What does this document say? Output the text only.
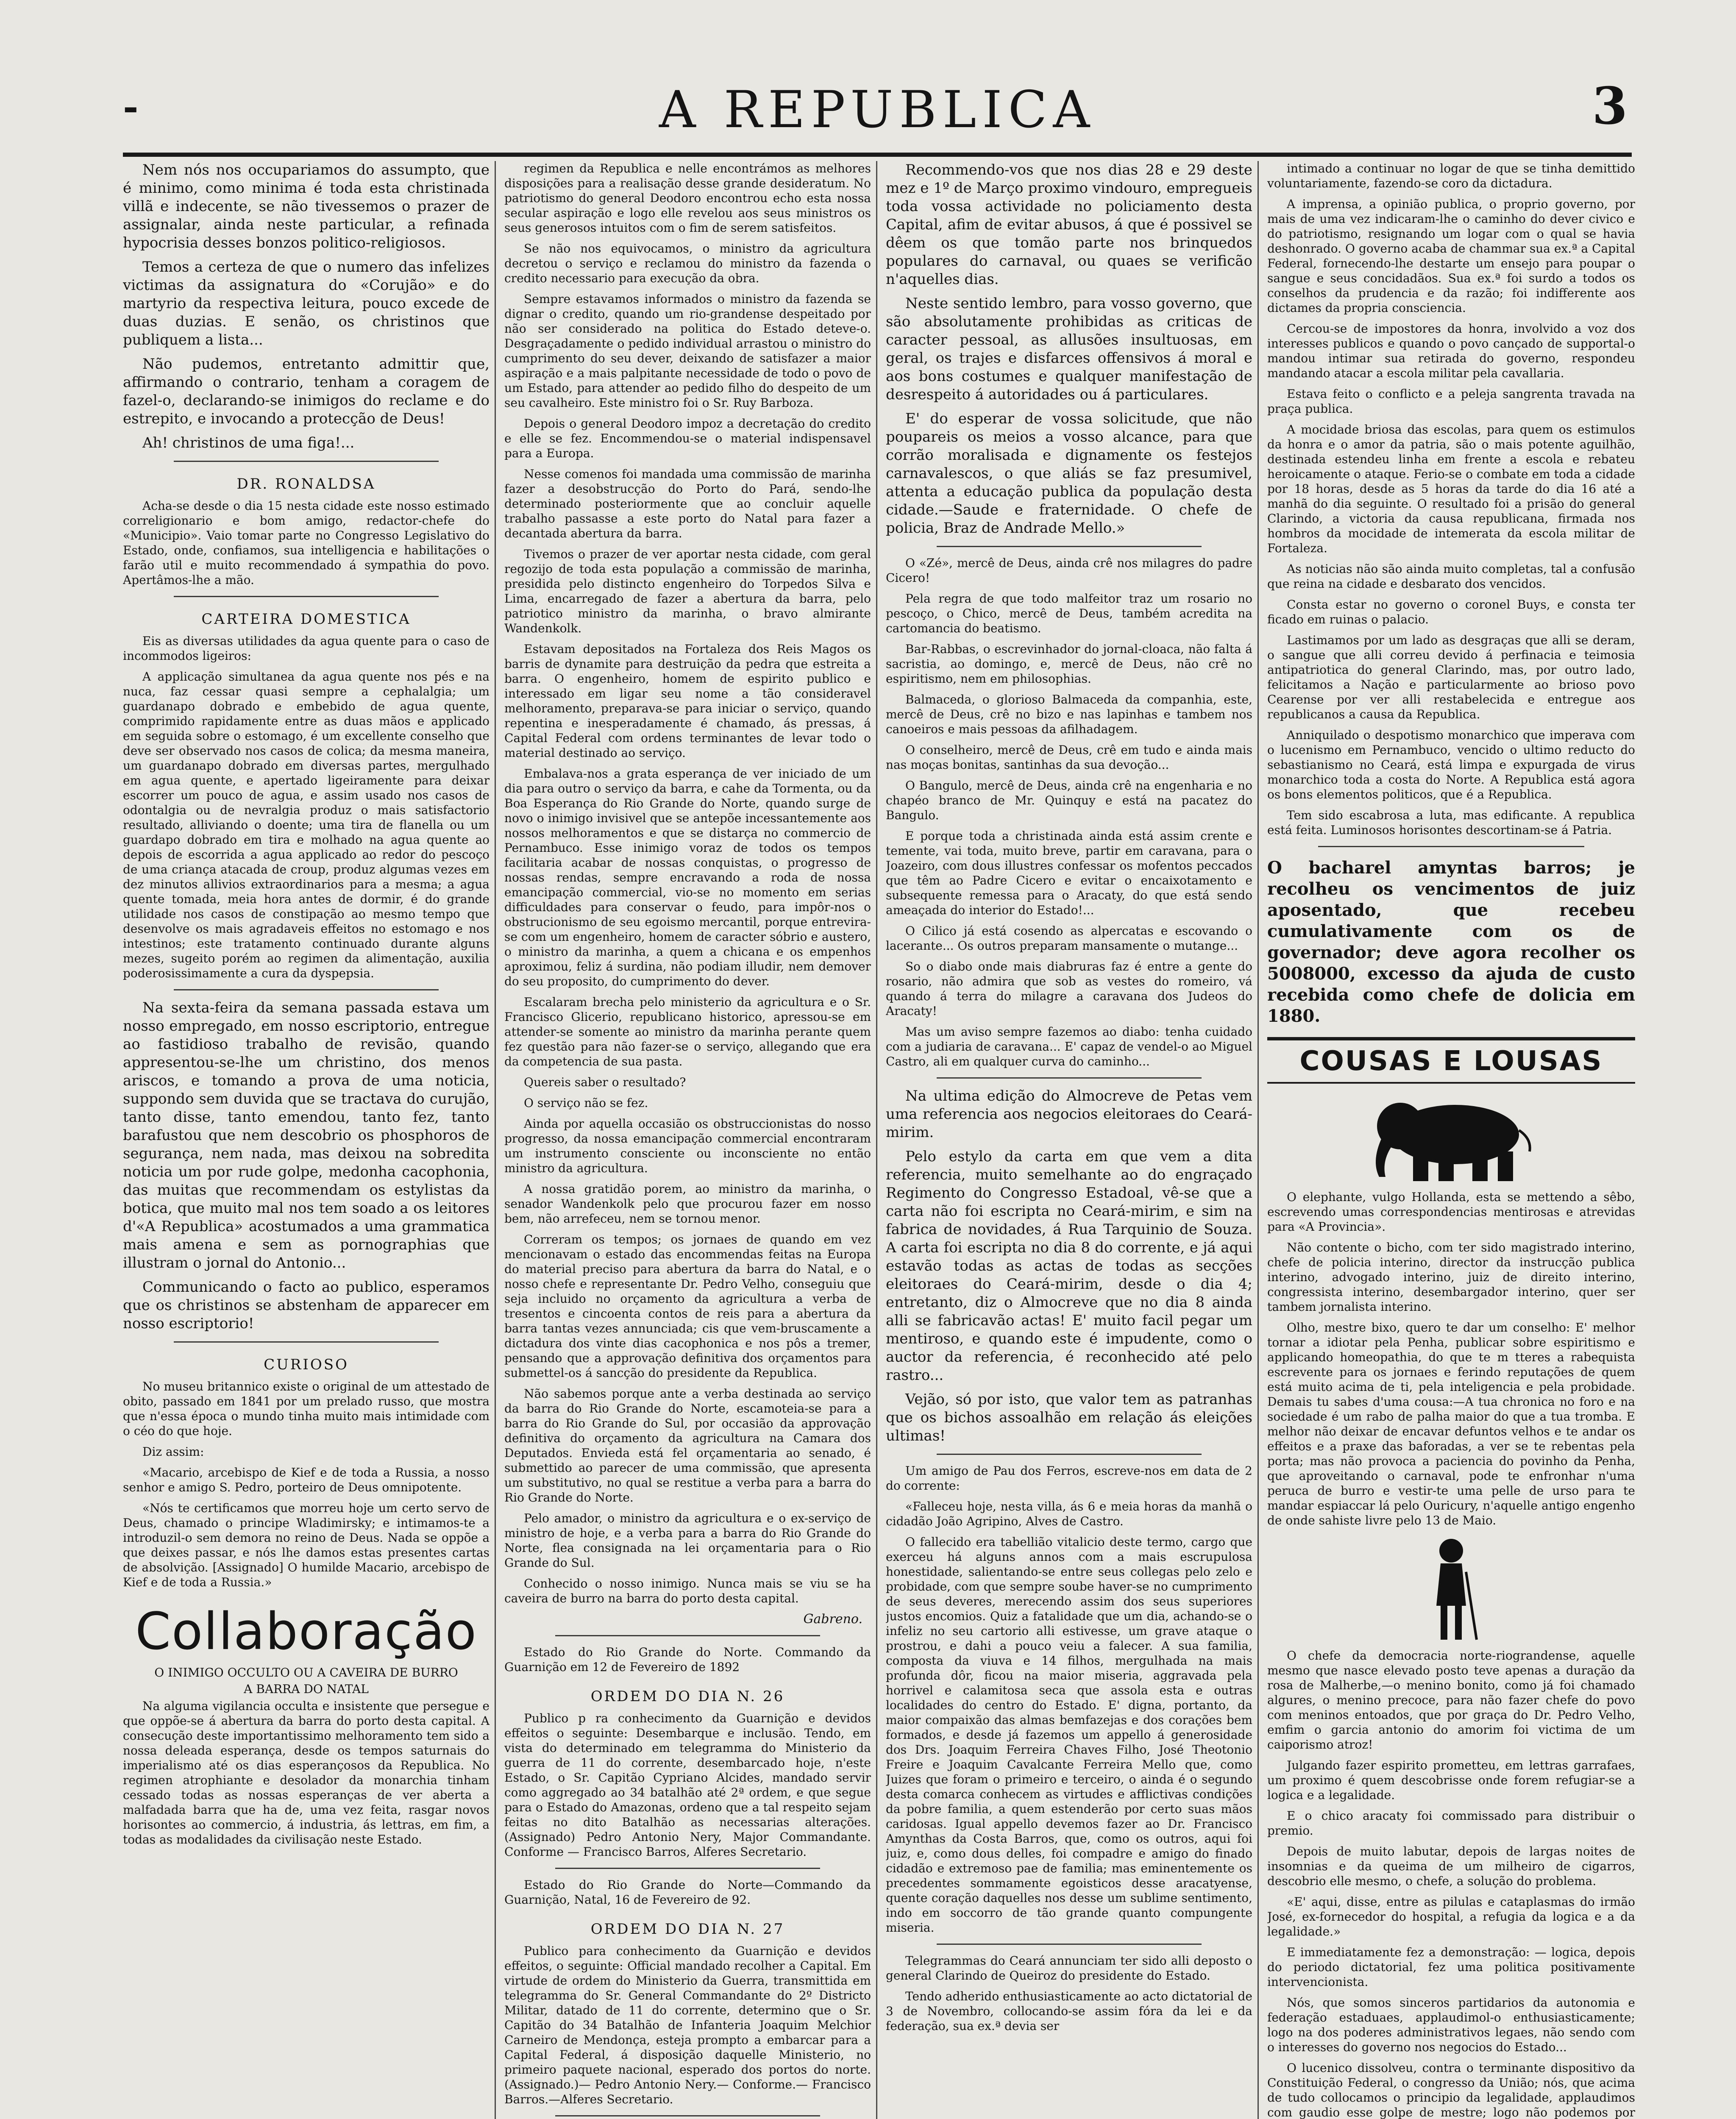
-	A REPUBLICA	3

Nem nós nos occupariamos do assumpto, que é minimo, como minima é toda esta christinada villã e indecente, se não tivessemos o prazer de assignalar, ainda neste particular, a refinada hypocrisia desses bonzos politico-religiosos.

Temos a certeza de que o numero das infelizes victimas da assignatura do «Corujão» e do martyrio da respectiva leitura, pouco excede de duas duzias. E senão, os christinos que publiquem a lista...

Não pudemos, entretanto admittir que, affirmando o contrario, tenham a coragem de fazel-o, declarando-se inimigos do reclame e do estrepito, e invocando a protecção de Deus!

Ah! christinos de uma figa!...

DR. RONALDSA

Acha-se desde o dia 15 nesta cidade este nosso estimado correligionario e bom amigo, redactor-chefe do «Municipio». Vaio tomar parte no Congresso Legislativo do Estado, onde, confiamos, sua intelligencia e habilitações o farão util e muito recommendado á sympathia do povo. Apertâmos-lhe a mão.

CARTEIRA DOMESTICA

Eis as diversas utilidades da agua quente para o caso de incommodos ligeiros:

A applicação simultanea da agua quente nos pés e na nuca, faz cessar quasi sempre a cephalalgia; um guardanapo dobrado e embebido de agua quente, comprimido rapidamente entre as duas mãos e applicado em seguida sobre o estomago, é um excellente conselho que deve ser observado nos casos de colica; da mesma maneira, um guardanapo dobrado em diversas partes, mergulhado em agua quente, e apertado ligeiramente para deixar escorrer um pouco de agua, e assim usado nos casos de odontalgia ou de nevralgia produz o mais satisfactorio resultado, alliviando o doente; uma tira de flanella ou um guardapo dobrado em tira e molhado na agua quente ao depois de escorrida a agua applicado ao redor do pescoço de uma criança atacada de croup, produz algumas vezes em dez minutos allivios extraordinarios para a mesma; a agua quente tomada, meia hora antes de dormir, é do grande utilidade nos casos de constipação ao mesmo tempo que desenvolve os mais agradaveis effeitos no estomago e nos intestinos; este tratamento continuado durante alguns mezes, sugeito porém ao regimen da alimentação, auxilia poderosissimamente a cura da dyspepsia.

Na sexta-feira da semana passada estava um nosso empregado, em nosso escriptorio, entregue ao fastidioso trabalho de revisão, quando appresentou-se-lhe um christino, dos menos ariscos, e tomando a prova de uma noticia, suppondo sem duvida que se tractava do curujão, tanto disse, tanto emendou, tanto fez, tanto barafustou que nem descobrio os phosphoros de segurança, nem nada, mas deixou na sobredita noticia um por rude golpe, medonha cacophonia, das muitas que recommendam os estylistas da botica, que muito mal nos tem soado a os leitores d'«A Republica» acostumados a uma grammatica mais amena e sem as pornographias que illustram o jornal do Antonio...

Communicando o facto ao publico, esperamos que os christinos se abstenham de apparecer em nosso escriptorio!

CURIOSO

No museu britannico existe o original de um attestado de obito, passado em 1841 por um prelado russo, que mostra que n'essa época o mundo tinha muito mais intimidade com o céo do que hoje.

Diz assim:

«Macario, arcebispo de Kief e de toda a Russia, a nosso senhor e amigo S. Pedro, porteiro de Deus omnipotente.

«Nós te certificamos que morreu hoje um certo servo de Deus, chamado o principe Wladimirsky; e intimamos-te a introduzil-o sem demora no reino de Deus. Nada se oppõe a que deixes passar, e nós lhe damos estas presentes cartas de absolvição. [Assignado] O humilde Macario, arcebispo de Kief e de toda a Russia.»

Collaboração
O INIMIGO OCCULTO OU A CAVEIRA DE BURRO
A BARRA DO NATAL

Na alguma vigilancia occulta e insistente que persegue e que oppõe-se á abertura da barra do porto desta capital. A consecução deste importantissimo melhoramento tem sido a nossa deleada esperança, desde os tempos saturnais do imperialismo até os dias esperançosos da Republica. No regimen atrophiante e desolador da monarchia tinham cessado todas as nossas esperanças de ver aberta a malfadada barra que ha de, uma vez feita, rasgar novos horisontes ao commercio, á industria, ás lettras, em fim, a todas as modalidades da civilisação neste Estado.

regimen da Republica e nelle encontrámos as melhores disposições para a realisação desse grande desideratum. No patriotismo do general Deodoro encontrou echo esta nossa secular aspiração e logo elle revelou aos seus ministros os seus generosos intuitos com o fim de serem satisfeitos.

Se não nos equivocamos, o ministro da agricultura decretou o serviço e reclamou do ministro da fazenda o credito necessario para execução da obra.

Sempre estavamos informados o ministro da fazenda se dignar o credito, quando um rio-grandense despeitado por não ser considerado na politica do Estado deteve-o. Desgraçadamente o pedido individual arrastou o ministro do cumprimento do seu dever, deixando de satisfazer a maior aspiração e a mais palpitante necessidade de todo o povo de um Estado, para attender ao pedido filho do despeito de um seu cavalheiro. Este ministro foi o Sr. Ruy Barboza.

Depois o general Deodoro impoz a decretação do credito e elle se fez. Encommendou-se o material indispensavel para a Europa.

Nesse comenos foi mandada uma commissão de marinha fazer a desobstrucção do Porto do Pará, sendo-lhe determinado posteriormente que ao concluir aquelle trabalho passasse a este porto do Natal para fazer a decantada abertura da barra.

Tivemos o prazer de ver aportar nesta cidade, com geral regozijo de toda esta população a commissão de marinha, presidida pelo distincto engenheiro do Torpedos Silva e Lima, encarregado de fazer a abertura da barra, pelo patriotico ministro da marinha, o bravo almirante Wandenkolk.

Estavam depositados na Fortaleza dos Reis Magos os barris de dynamite para destruição da pedra que estreita a barra. O engenheiro, homem de espirito publico e interessado em ligar seu nome a tão consideravel melhoramento, preparava-se para iniciar o serviço, quando repentina e inesperadamente é chamado, ás pressas, á Capital Federal com ordens terminantes de levar todo o material destinado ao serviço.

Embalava-nos a grata esperança de ver iniciado de um dia para outro o serviço da barra, e cahe da Tormenta, ou da Boa Esperança do Rio Grande do Norte, quando surge de novo o inimigo invisivel que se antepõe incessantemente aos nossos melhoramentos e que se distarça no commercio de Pernambuco. Esse inimigo voraz de todos os tempos facilitaria acabar de nossas conquistas, o progresso de nossas rendas, sempre encravando a roda de nossa emancipação commercial, vio-se no momento em serias difficuldades para conservar o feudo, para impôr-nos o obstrucionismo de seu egoismo mercantil, porque entrevira-se com um engenheiro, homem de caracter sóbrio e austero, o ministro da marinha, a quem a chicana e os empenhos aproximou, feliz á surdina, não podiam illudir, nem demover do seu proposito, do cumprimento do dever.

Escalaram brecha pelo ministerio da agricultura e o Sr. Francisco Glicerio, republicano historico, apressou-se em attender-se somente ao ministro da marinha perante quem fez questão para não fazer-se o serviço, allegando que era da competencia de sua pasta.

Quereis saber o resultado?

O serviço não se fez.

Ainda por aquella occasião os obstruccionistas do nosso progresso, da nossa emancipação commercial encontraram um instrumento consciente ou inconsciente no então ministro da agricultura.

A nossa gratidão porem, ao ministro da marinha, o senador Wandenkolk pelo que procurou fazer em nosso bem, não arrefeceu, nem se tornou menor.

Correram os tempos; os jornaes de quando em vez mencionavam o estado das encommendas feitas na Europa do material preciso para abertura da barra do Natal, e o nosso chefe e representante Dr. Pedro Velho, conseguiu que seja incluido no orçamento da agricultura a verba de tresentos e cincoenta contos de reis para a abertura da barra tantas vezes annunciada; cis que vem-bruscamente a dictadura dos vinte dias cacophonica e nos pôs a tremer, pensando que a approvação definitiva dos orçamentos para submettel-os á sancção do presidente da Republica.

Não sabemos porque ante a verba destinada ao serviço da barra do Rio Grande do Norte, escamoteia-se para a barra do Rio Grande do Sul, por occasião da approvação definitiva do orçamento da agricultura na Camara dos Deputados. Envieda está fel orçamentaria ao senado, é submettido ao parecer de uma commissão, que apresenta um substitutivo, no qual se restitue a verba para a barra do Rio Grande do Norte.

Pelo amador, o ministro da agricultura e o ex-serviço de ministro de hoje, e a verba para a barra do Rio Grande do Norte, flea consignada na lei orçamentaria para o Rio Grande do Sul.

Conhecido o nosso inimigo. Nunca mais se viu se ha caveira de burro na barra do porto desta capital.

Gabreno.

Estado do Rio Grande do Norte. Commando da Guarnição em 12 de Fevereiro de 1892

ORDEM DO DIA N. 26

Publico p ra conhecimento da Guarnição e devidos effeitos o seguinte: Desembarque e inclusão. Tendo, em vista do determinado em telegramma do Ministerio da guerra de 11 do corrente, desembarcado hoje, n'este Estado, o Sr. Capitão Cypriano Alcides, mandado servir como aggregado ao 34 batalhão até 2ª ordem, e que segue para o Estado do Amazonas, ordeno que a tal respeito sejam feitas no dito Batalhão as necessarias alterações. (Assignado) Pedro Antonio Nery, Major Commandante. Conforme — Francisco Barros, Alferes Secretario.

Estado do Rio Grande do Norte—Commando da Guarnição, Natal, 16 de Fevereiro de 92.

ORDEM DO DIA N. 27

Publico para conhecimento da Guarnição e devidos effeitos, o seguinte: Official mandado recolher a Capital. Em virtude de ordem do Ministerio da Guerra, transmittida em telegramma do Sr. General Commandante do 2º Districto Militar, datado de 11 do corrente, determino que o Sr. Capitão do 34 Batalhão de Infanteria Joaquim Melchior Carneiro de Mendonça, esteja prompto a embarcar para a Capital Federal, á disposição daquelle Ministerio, no primeiro paquete nacional, esperado dos portos do norte. (Assignado.)— Pedro Antonio Nery.— Conforme.— Francisco Barros.—Alferes Secretario.

Recommendo-vos que nos dias 28 e 29 deste mez e 1º de Março proximo vindouro, empregueis toda vossa actividade no policiamento desta Capital, afim de evitar abusos, á que é possivel se dêem os que tomão parte nos brinquedos populares do carnaval, ou quaes se verificão n'aquelles dias.

Neste sentido lembro, para vosso governo, que são absolutamente prohibidas as criticas de caracter pessoal, as allusões insultuosas, em geral, os trajes e disfarces offensivos á moral e aos bons costumes e qualquer manifestação de desrespeito á autoridades ou á particulares.

E' do esperar de vossa solicitude, que não poupareis os meios a vosso alcance, para que corrão moralisada e dignamente os festejos carnavalescos, o que aliás se faz presumivel, attenta a educação publica da população desta cidade.—Saude e fraternidade. O chefe de policia, Braz de Andrade Mello.»

O «Zé», mercê de Deus, ainda crê nos milagres do padre Cicero!

Pela regra de que todo malfeitor traz um rosario no pescoço, o Chico, mercê de Deus, também acredita na cartomancia do beatismo.

Bar-Rabbas, o escrevinhador do jornal-cloaca, não falta á sacristia, ao domingo, e, mercê de Deus, não crê no espiritismo, nem em philosophias.

Balmaceda, o glorioso Balmaceda da companhia, este, mercê de Deus, crê no bizo e nas lapinhas e tambem nos canoeiros e mais pessoas da afilhadagem.

O conselheiro, mercê de Deus, crê em tudo e ainda mais nas moças bonitas, santinhas da sua devoção...

O Bangulo, mercê de Deus, ainda crê na engenharia e no chapéo branco de Mr. Quinquy e está na pacatez do Bangulo.

E porque toda a christinada ainda está assim crente e temente, vai toda, muito breve, partir em caravana, para o Joazeiro, com dous illustres confessar os mofentos peccados que têm ao Padre Cicero e evitar o encaixotamento e subsequente remessa para o Aracaty, do que está sendo ameaçada do interior do Estado!...

O Cilico já está cosendo as alpercatas e escovando o lacerante... Os outros preparam mansamente o mutange...

So o diabo onde mais diabruras faz é entre a gente do rosario, não admira que sob as vestes do romeiro, vá quando á terra do milagre a caravana dos Judeos do Aracaty!

Mas um aviso sempre fazemos ao diabo: tenha cuidado com a judiaria de caravana... E' capaz de vendel-o ao Miguel Castro, ali em qualquer curva do caminho...

Na ultima edição do Almocreve de Petas vem uma referencia aos negocios eleitoraes do Ceará-mirim.

Pelo estylo da carta em que vem a dita referencia, muito semelhante ao do engraçado Regimento do Congresso Estadoal, vê-se que a carta não foi escripta no Ceará-mirim, e sim na fabrica de novidades, á Rua Tarquinio de Souza. A carta foi escripta no dia 8 do corrente, e já aqui estavão todas as actas de todas as secções eleitoraes do Ceará-mirim, desde o dia 4; entretanto, diz o Almocreve que no dia 8 ainda alli se fabricavão actas! E' muito facil pegar um mentiroso, e quando este é impudente, como o auctor da referencia, é reconhecido até pelo rastro...

Vejão, só por isto, que valor tem as patranhas que os bichos assoalhão em relação ás eleições ultimas!

Um amigo de Pau dos Ferros, escreve-nos em data de 2 do corrente:

«Falleceu hoje, nesta villa, ás 6 e meia horas da manhã o cidadão João Agripino, Alves de Castro.

O fallecido era tabellião vitalicio deste termo, cargo que exerceu há alguns annos com a mais escrupulosa honestidade, salientando-se entre seus collegas pelo zelo e probidade, com que sempre soube haver-se no cumprimento de seus deveres, merecendo assim dos seus superiores justos encomios. Quiz a fatalidade que um dia, achando-se o infeliz no seu cartorio alli estivesse, um grave ataque o prostrou, e dahi a pouco veiu a falecer. A sua familia, composta da viuva e 14 filhos, mergulhada na mais profunda dôr, ficou na maior miseria, aggravada pela horrivel e calamitosa seca que assola esta e outras localidades do centro do Estado. E' digna, portanto, da maior compaixão das almas bemfazejas e dos corações bem formados, e desde já fazemos um appello á generosidade dos Drs. Joaquim Ferreira Chaves Filho, José Theotonio Freire e Joaquim Cavalcante Ferreira Mello que, como Juizes que foram o primeiro e terceiro, o ainda é o segundo desta comarca conhecem as virtudes e afflictivas condições da pobre familia, a quem estenderão por certo suas mãos caridosas. Igual appello devemos fazer ao Dr. Francisco Amynthas da Costa Barros, que, como os outros, aqui foi juiz, e, como dous delles, foi compadre e amigo do finado cidadão e extremoso pae de familia; mas eminentemente os precedentes sommamente egoisticos desse aracatyense, quente coração daquelles nos desse um sublime sentimento, indo em soccorro de tão grande quanto compungente miseria.

Telegrammas do Ceará annunciam ter sido alli deposto o general Clarindo de Queiroz do presidente do Estado.

Tendo adherido enthusiasticamente ao acto dictatorial de 3 de Novembro, collocando-se assim fóra da lei e da federação, sua ex.ª devia ser

intimado a continuar no logar de que se tinha demittido voluntariamente, fazendo-se coro da dictadura.

A imprensa, a opinião publica, o proprio governo, por mais de uma vez indicaram-lhe o caminho do dever civico e do patriotismo, resignando um logar com o qual se havia deshonrado. O governo acaba de chammar sua ex.ª a Capital Federal, fornecendo-lhe destarte um ensejo para poupar o sangue e seus concidadãos. Sua ex.ª foi surdo a todos os conselhos da prudencia e da razão; foi indifferente aos dictames da propria consciencia.

Cercou-se de impostores da honra, involvido a voz dos interesses publicos e quando o povo cançado de supportal-o mandou intimar sua retirada do governo, respondeu mandando atacar a escola militar pela cavallaria.

Estava feito o conflicto e a peleja sangrenta travada na praça publica.

A mocidade briosa das escolas, para quem os estimulos da honra e o amor da patria, são o mais potente aguilhão, destinada estendeu linha em frente a escola e rebateu heroicamente o ataque. Ferio-se o combate em toda a cidade por 18 horas, desde as 5 horas da tarde do dia 16 até a manhã do dia seguinte. O resultado foi a prisão do general Clarindo, a victoria da causa republicana, firmada nos hombros da mocidade de intemerata da escola militar de Fortaleza.

As noticias não são ainda muito completas, tal a confusão que reina na cidade e desbarato dos vencidos.

Consta estar no governo o coronel Buys, e consta ter ficado em ruinas o palacio.

Lastimamos por um lado as desgraças que alli se deram, o sangue que alli correu devido á perfinacia e teimosia antipatriotica do general Clarindo, mas, por outro lado, felicitamos a Nação e particularmente ao brioso povo Cearense por ver alli restabelecida e entregue aos republicanos a causa da Republica.

Anniquilado o despotismo monarchico que imperava com o lucenismo em Pernambuco, vencido o ultimo reducto do sebastianismo no Ceará, está limpa e expurgada de virus monarchico toda a costa do Norte. A Republica está agora os bons elementos politicos, que é a Republica.

Tem sido escabrosa a luta, mas edificante. A republica está feita. Luminosos horisontes descortinam-se á Patria.

O bacharel amyntas barros; je recolheu os vencimentos de juiz aposentado, que recebeu cumulativamente com os de governador; deve agora recolher os 5008000, excesso da ajuda de custo recebida como chefe de dolicia em 1880.
COUSAS E LOUSAS

O elephante, vulgo Hollanda, esta se mettendo a sêbo, escrevendo umas correspondencias mentirosas e atrevidas para «A Provincia».

Não contente o bicho, com ter sido magistrado interino, chefe de policia interino, director da instrucção publica interino, advogado interino, juiz de direito interino, congressista interino, desembargador interino, quer ser tambem jornalista interino.

Olho, mestre bixo, quero te dar um conselho: E' melhor tornar a idiotar pela Penha, publicar sobre espiritismo e applicando homeopathia, do que te m tteres a rabequista escrevente para os jornaes e ferindo reputações de quem está muito acima de ti, pela inteligencia e pela probidade. Demais tu sabes d'uma cousa:—A tua chronica no foro e na sociedade é um rabo de palha maior do que a tua tromba. E melhor não deixar de encavar defuntos velhos e te andar os effeitos e a praxe das baforadas, a ver se te rebentas pela porta; mas não provoca a paciencia do povinho da Penha, que aproveitando o carnaval, pode te enfronhar n'uma peruca de burro e vestir-te uma pelle de urso para te mandar espiaccar lá pelo Ouricury, n'aquelle antigo engenho de onde sahiste livre pelo 13 de Maio.

O chefe da democracia norte-riograndense, aquelle mesmo que nasce elevado posto teve apenas a duração da rosa de Malherbe,—o menino bonito, como já foi chamado algures, o menino precoce, para não fazer chefe do povo com meninos entoados, que por graça do Dr. Pedro Velho, emfim o garcia antonio do amorim foi victima de um caiporismo atroz!

Julgando fazer espirito prometteu, em lettras garrafaes, um proximo é quem descobrisse onde forem refugiar-se a logica e a legalidade.

E o chico aracaty foi commissado para distribuir o premio.

Depois de muito labutar, depois de largas noites de insomnias e da queima de um milheiro de cigarros, descobrio elle mesmo, o chefe, a solução do problema.

«E' aqui, disse, entre as pilulas e cataplasmas do irmão José, ex-fornecedor do hospital, a refugia da logica e a da legalidade.»

E immediatamente fez a demonstração: — logica, depois do periodo dictatorial, fez uma politica positivamente intervencionista.

Nós, que somos sinceros partidarios da autonomia e federação estaduaes, applaudimol-o enthusiasticamente; logo na dos poderes administrativos legaes, não sendo com o interesses do governo nos negocios do Estado...

O lucenico dissolveu, contra o terminante dispositivo da Constituição Federal, o congresso da União; nós, que acima de tudo collocamos o principio da legalidade, applaudimos com gaudio esse golpe de mestre; logo não podemos por
